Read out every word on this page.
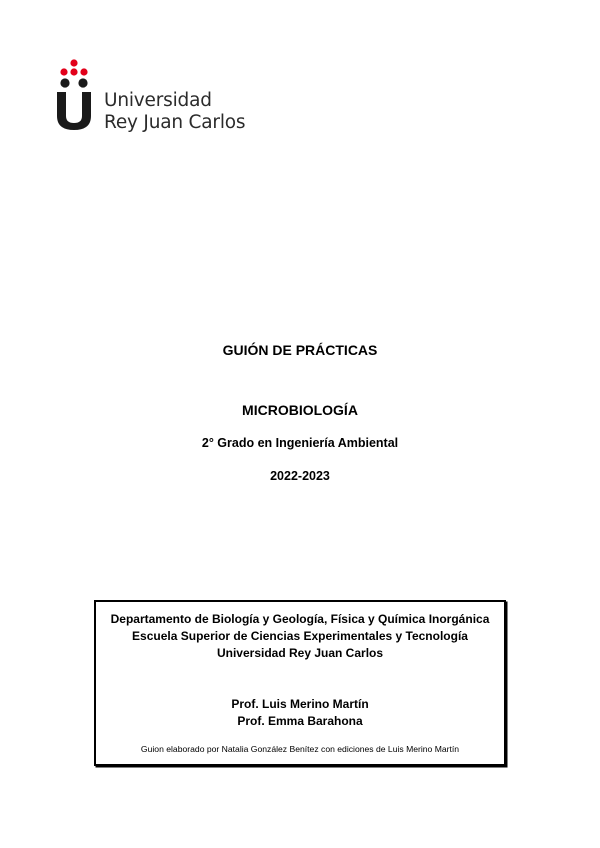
Universidad
Rey Juan Carlos
GUIÓN DE PRÁCTICAS
MICROBIOLOGÍA
2° Grado en Ingeniería Ambiental
2022-2023
Departamento de Biología y Geología, Física y Química Inorgánica
Escuela Superior de Ciencias Experimentales y Tecnología
Universidad Rey Juan Carlos
Prof. Luis Merino Martín
Prof. Emma Barahona
Guion elaborado por Natalia González Benítez con ediciones de Luis Merino Martín
